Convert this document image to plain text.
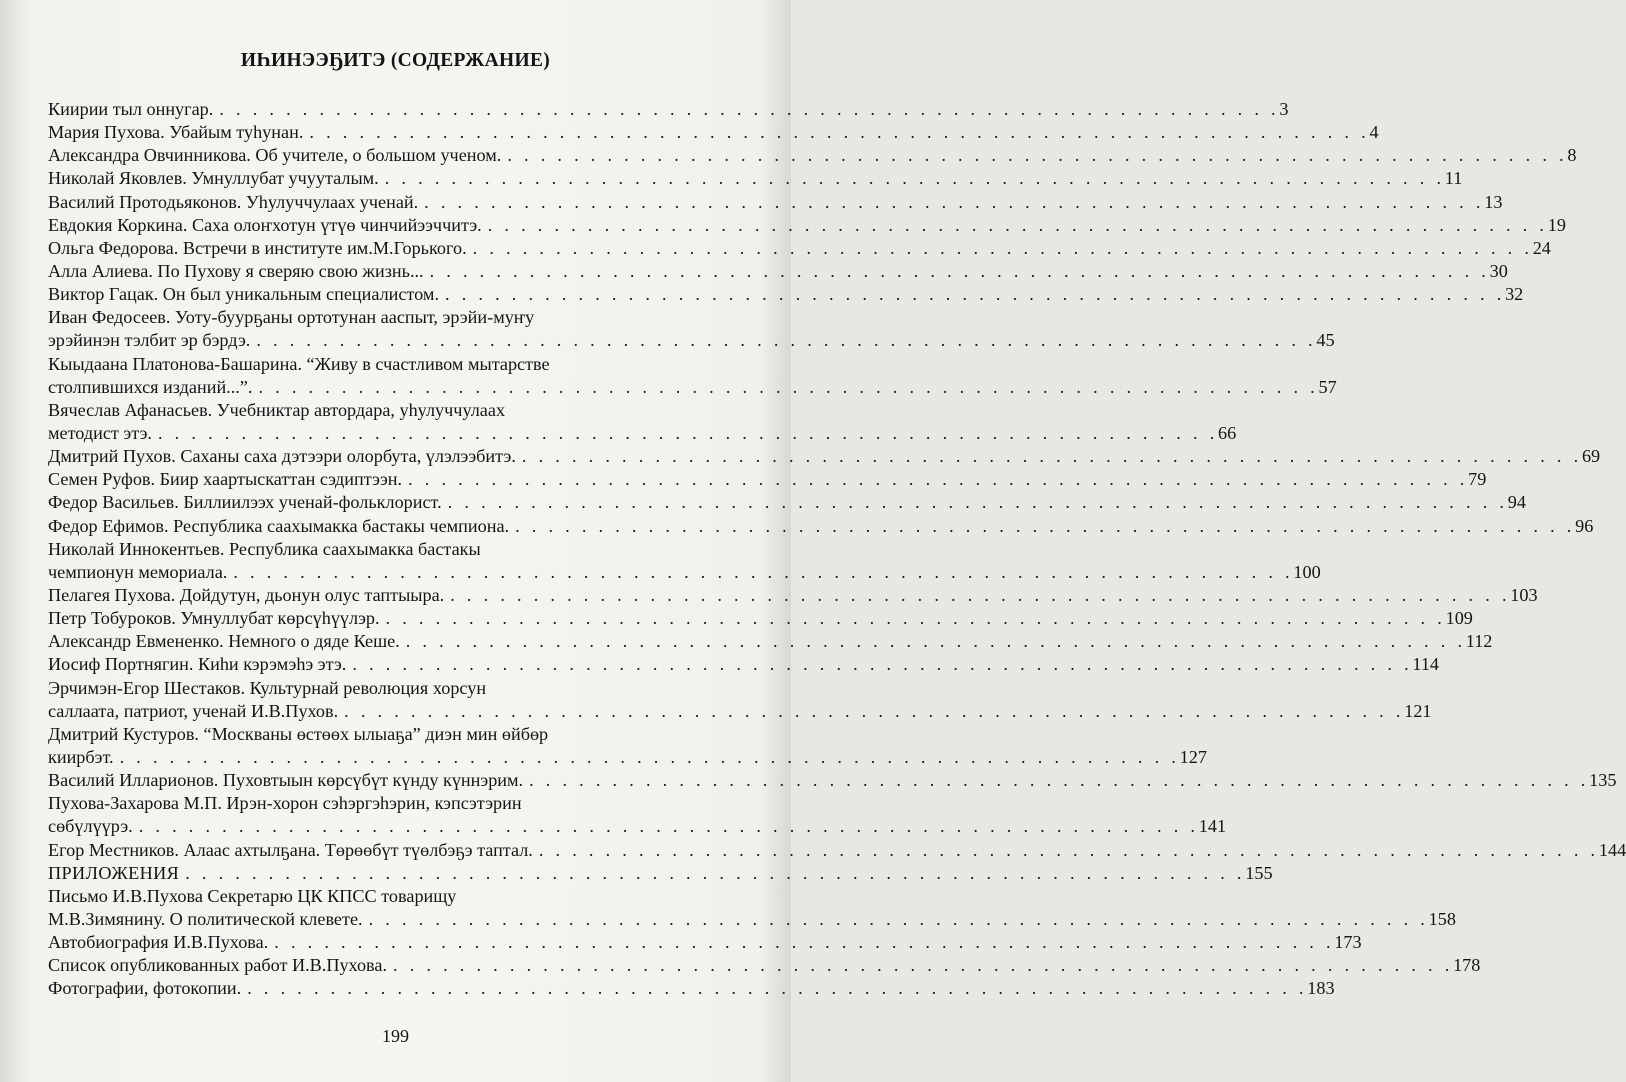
ИҺИНЭЭҔИТЭ (СОДЕРЖАНИЕ)
Киирии тыл оннугар. . . . . . . . . . . . . . . . . . . . . . . . . . . . . . . . . . . . . . . . . . . . . . . . . . . . . . . . . . . . . . . . . 3
Мария Пухова. Убайым туһунан. . . . . . . . . . . . . . . . . . . . . . . . . . . . . . . . . . . . . . . . . . . . . . . . . . . . . . . . . . . . . . . . . 4
Александра Овчинникова. Об учителе, о большом ученом. . . . . . . . . . . . . . . . . . . . . . . . . . . . . . . . . . . . . . . . . . . . . . . . . . . . . . . . . . . . . . . . . 8
Николай Яковлев. Умнуллубат учууталым. . . . . . . . . . . . . . . . . . . . . . . . . . . . . . . . . . . . . . . . . . . . . . . . . . . . . . . . . . . . . . . . . 11
Василий Протодьяконов. Уһулуччулаах ученай. . . . . . . . . . . . . . . . . . . . . . . . . . . . . . . . . . . . . . . . . . . . . . . . . . . . . . . . . . . . . . . . . 13
Евдокия Коркина. Саха олоҥхотун үтүө чинчийээччитэ. . . . . . . . . . . . . . . . . . . . . . . . . . . . . . . . . . . . . . . . . . . . . . . . . . . . . . . . . . . . . . . . . 19
Ольга Федорова. Встречи в институте им.М.Горького. . . . . . . . . . . . . . . . . . . . . . . . . . . . . . . . . . . . . . . . . . . . . . . . . . . . . . . . . . . . . . . . . 24
Алла Алиева. По Пухову я сверяю свою жизнь... . . . . . . . . . . . . . . . . . . . . . . . . . . . . . . . . . . . . . . . . . . . . . . . . . . . . . . . . . . . . . . . . 30
Виктор Гацак. Он был уникальным специалистом. . . . . . . . . . . . . . . . . . . . . . . . . . . . . . . . . . . . . . . . . . . . . . . . . . . . . . . . . . . . . . . . . 32
Иван Федосеев. Уоту-буурҕаны ортотунан ааспыт, эрэйи-муҥу
эрэйинэн тэлбит эр бэрдэ. . . . . . . . . . . . . . . . . . . . . . . . . . . . . . . . . . . . . . . . . . . . . . . . . . . . . . . . . . . . . . . . . 45
Кыыдаана Платонова-Башарина. “Живу в счастливом мытарстве
столпившихся изданий...”. . . . . . . . . . . . . . . . . . . . . . . . . . . . . . . . . . . . . . . . . . . . . . . . . . . . . . . . . . . . . . . . . 57
Вячеслав Афанасьев. Учебниктар автордара, уһулуччулаах
методист этэ. . . . . . . . . . . . . . . . . . . . . . . . . . . . . . . . . . . . . . . . . . . . . . . . . . . . . . . . . . . . . . . . . 66
Дмитрий Пухов. Саханы саха дэтээри олорбута, үлэлээбитэ. . . . . . . . . . . . . . . . . . . . . . . . . . . . . . . . . . . . . . . . . . . . . . . . . . . . . . . . . . . . . . . . . 69
Семен Руфов. Биир хаартыскаттан сэдиптээн. . . . . . . . . . . . . . . . . . . . . . . . . . . . . . . . . . . . . . . . . . . . . . . . . . . . . . . . . . . . . . . . . 79
Федор Васильев. Биллиилээх ученай-фольклорист. . . . . . . . . . . . . . . . . . . . . . . . . . . . . . . . . . . . . . . . . . . . . . . . . . . . . . . . . . . . . . . . . 94
Федор Ефимов. Республика саахымакка бастакы чемпиона. . . . . . . . . . . . . . . . . . . . . . . . . . . . . . . . . . . . . . . . . . . . . . . . . . . . . . . . . . . . . . . . . 96
Николай Иннокентьев. Республика саахымакка бастакы
чемпионун мемориала. . . . . . . . . . . . . . . . . . . . . . . . . . . . . . . . . . . . . . . . . . . . . . . . . . . . . . . . . . . . . . . . . 100
Пелагея Пухова. Дойдутун, дьонун олус таптыыра. . . . . . . . . . . . . . . . . . . . . . . . . . . . . . . . . . . . . . . . . . . . . . . . . . . . . . . . . . . . . . . . . 103
Петр Тобуроков. Умнуллубат көрсүһүүлэр. . . . . . . . . . . . . . . . . . . . . . . . . . . . . . . . . . . . . . . . . . . . . . . . . . . . . . . . . . . . . . . . . 109
Александр Евмененко. Немного о дяде Кеше. . . . . . . . . . . . . . . . . . . . . . . . . . . . . . . . . . . . . . . . . . . . . . . . . . . . . . . . . . . . . . . . . 112
Иосиф Портнягин. Киһи кэрэмэһэ этэ. . . . . . . . . . . . . . . . . . . . . . . . . . . . . . . . . . . . . . . . . . . . . . . . . . . . . . . . . . . . . . . . . 114
Эрчимэн-Егор Шестаков. Культурнай революция хорсун
саллаата, патриот, ученай И.В.Пухов. . . . . . . . . . . . . . . . . . . . . . . . . . . . . . . . . . . . . . . . . . . . . . . . . . . . . . . . . . . . . . . . . 121
Дмитрий Кустуров. “Москваны өстөөх ылыаҕа” диэн мин өйбөр
киирбэт. . . . . . . . . . . . . . . . . . . . . . . . . . . . . . . . . . . . . . . . . . . . . . . . . . . . . . . . . . . . . . . . . 127
Василий Илларионов. Пуховтыын көрсүбүт күнду күннэрим. . . . . . . . . . . . . . . . . . . . . . . . . . . . . . . . . . . . . . . . . . . . . . . . . . . . . . . . . . . . . . . . . 135
Пухова-Захарова М.П. Ирэн-хорон сэһэргэһэрин, кэпсэтэрин
сөбүлүүрэ. . . . . . . . . . . . . . . . . . . . . . . . . . . . . . . . . . . . . . . . . . . . . . . . . . . . . . . . . . . . . . . . . 141
Егор Местников. Алаас ахтылҕана. Төрөөбүт түөлбэҕэ таптал. . . . . . . . . . . . . . . . . . . . . . . . . . . . . . . . . . . . . . . . . . . . . . . . . . . . . . . . . . . . . . . . . 144
ПРИЛОЖЕНИЯ . . . . . . . . . . . . . . . . . . . . . . . . . . . . . . . . . . . . . . . . . . . . . . . . . . . . . . . . . . . . . . . . 155
Письмо И.В.Пухова Секретарю ЦК КПСС товарищу
М.В.Зимянину. О политической клевете. . . . . . . . . . . . . . . . . . . . . . . . . . . . . . . . . . . . . . . . . . . . . . . . . . . . . . . . . . . . . . . . . 158
Автобиография И.В.Пухова. . . . . . . . . . . . . . . . . . . . . . . . . . . . . . . . . . . . . . . . . . . . . . . . . . . . . . . . . . . . . . . . . 173
Список опубликованных работ И.В.Пухова. . . . . . . . . . . . . . . . . . . . . . . . . . . . . . . . . . . . . . . . . . . . . . . . . . . . . . . . . . . . . . . . . 178
Фотографии, фотокопии. . . . . . . . . . . . . . . . . . . . . . . . . . . . . . . . . . . . . . . . . . . . . . . . . . . . . . . . . . . . . . . . . 183
199
